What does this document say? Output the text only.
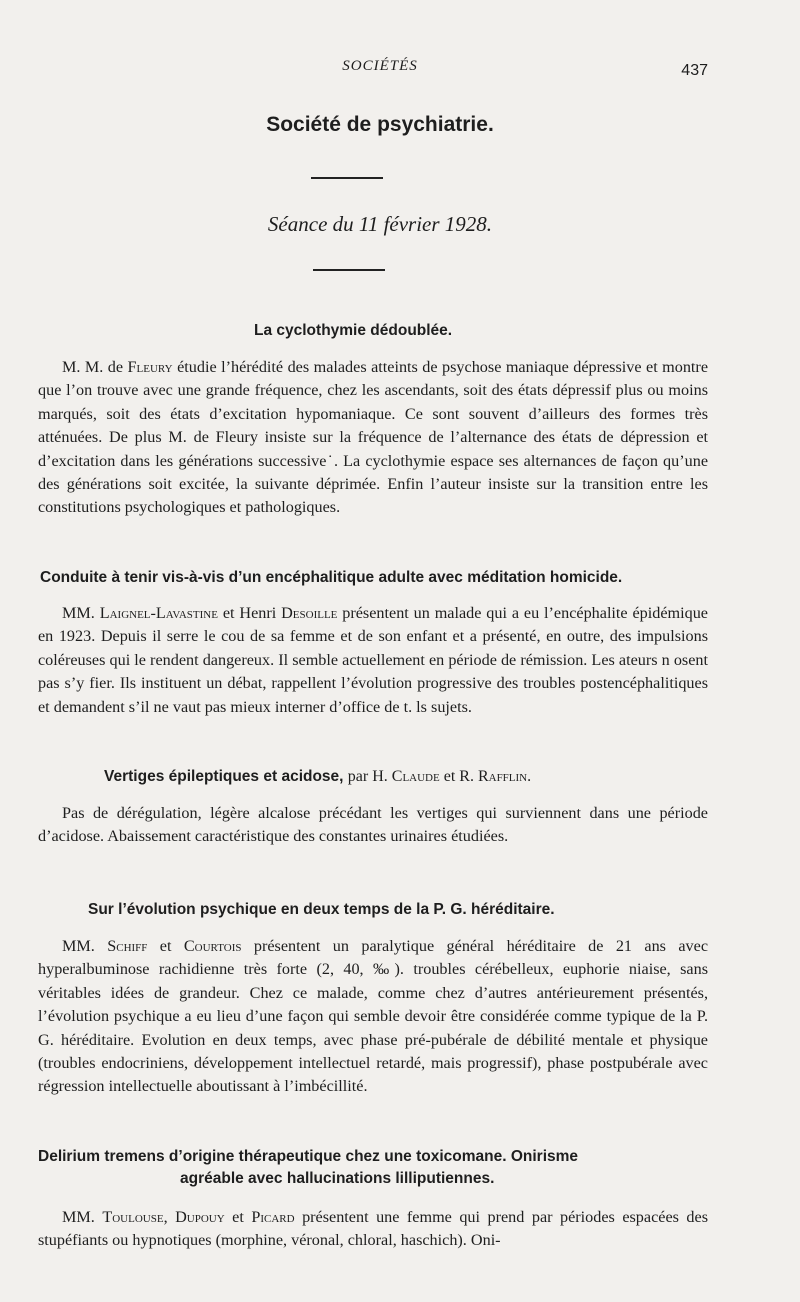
SOCIÉTÉS	437
Société de psychiatrie.
Séance du 11 février 1928.
La cyclothymie dédoublée.
M. M. de Fleury étudie l’hérédité des malades atteints de psychose maniaque dépressive et montre que l’on trouve avec une grande fréquence, chez les ascendants, soit des états dépressif plus ou moins marqués, soit des états d’excitation hypomaniaque. Ce sont souvent d’ailleurs des formes très atténuées. De plus M. de Fleury insiste sur la fréquence de l’alternance des états de dépression et d’excitation dans les générations successive˙. La cyclothymie espace ses alternances de façon qu’une des générations soit excitée, la suivante déprimée. Enfin l’auteur insiste sur la transition entre les constitutions psychologiques et pathologiques.
Conduite à tenir vis-à-vis d’un encéphalitique adulte avec méditation homicide.
MM. Laignel-Lavastine et Henri Desoille présentent un malade qui a eu l’encéphalite épidémique en 1923. Depuis il serre le cou de sa femme et de son enfant et a présenté, en outre, des impulsions coléreuses qui le rendent dangereux. Il semble actuellement en période de rémission. Les ateurs n osent pas s’y fier. Ils instituent un débat, rappellent l’évolution progressive des troubles postencéphalitiques et demandent s’il ne vaut pas mieux interner d’office de t. ls sujets.
Vertiges épileptiques et acidose, par H. Claude et R. Rafflin.
Pas de dérégulation, légère alcalose précédant les vertiges qui surviennent dans une période d’acidose. Abaissement caractéristique des constantes urinaires étudiées.
Sur l’évolution psychique en deux temps de la P. G. héréditaire.
MM. Schiff et Courtois présentent un paralytique général héréditaire de 21 ans avec hyperalbuminose rachidienne très forte (2, 40, ‰). troubles cérébelleux, euphorie niaise, sans véritables idées de grandeur. Chez ce malade, comme chez d’autres antérieurement présentés, l’évolution psychique a eu lieu d’une façon qui semble devoir être considérée comme typique de la P. G. héréditaire. Evolution en deux temps, avec phase pré-pubérale de débilité mentale et physique (troubles endocriniens, développement intellectuel retardé, mais progressif), phase postpubérale avec régression intellectuelle aboutissant à l’imbécillité.
Delirium tremens d’origine thérapeutique chez une toxicomane. Onirisme
agréable avec hallucinations lilliputiennes.
MM. Toulouse, Dupouy et Picard présentent une femme qui prend par périodes espacées des stupéfiants ou hypnotiques (morphine, véronal, chloral, haschich). Oni-
